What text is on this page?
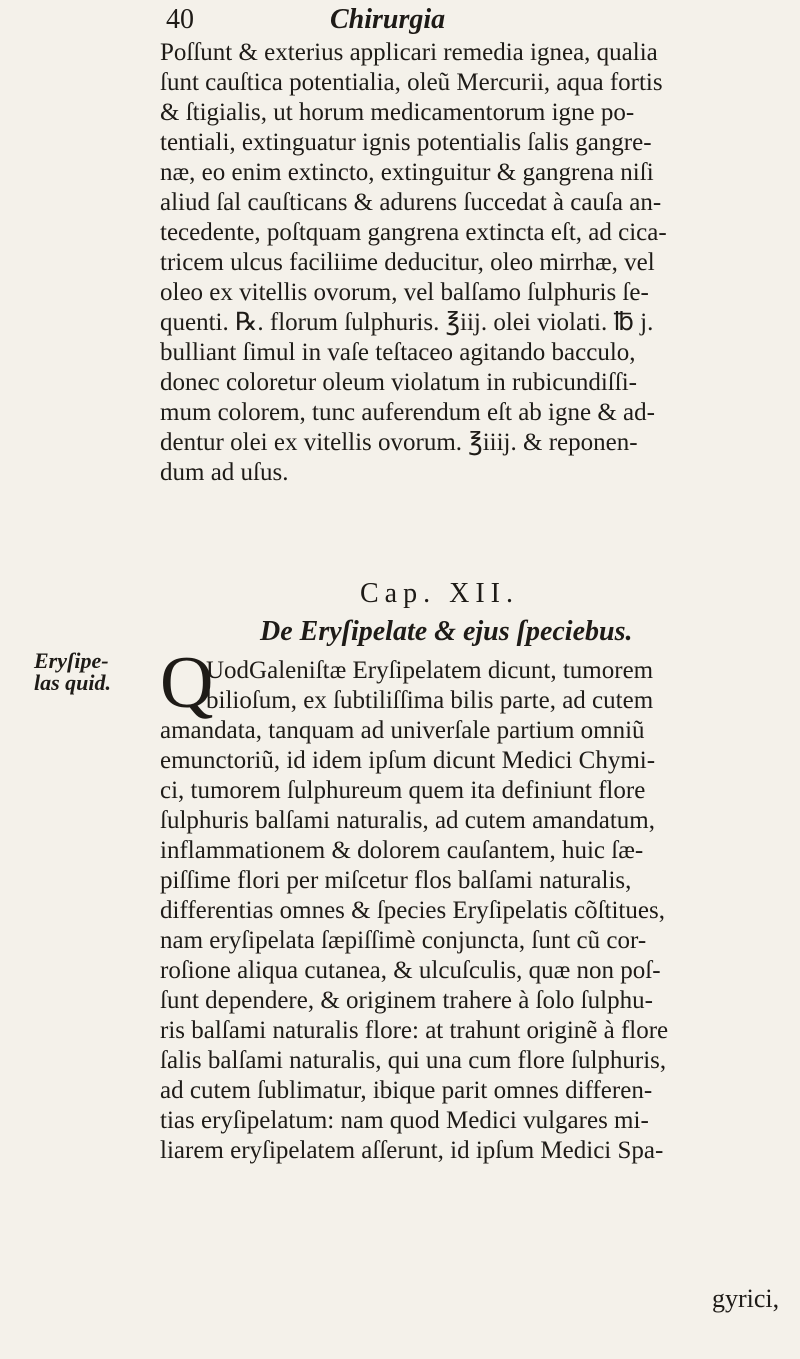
40	Chirurgia
Poſſunt & exterius applicari remedia ignea, qualia
ſunt cauſtica potentialia, oleũ Mercurii, aqua fortis
& ſtigialis, ut horum medicamentorum igne po-
tentiali, extinguatur ignis potentialis ſalis gangre-
næ, eo enim extincto, extinguitur & gangrena niſi
aliud ſal cauſticans & adurens ſuccedat à cauſa an-
tecedente, poſtquam gangrena extincta eſt, ad cica-
tricem ulcus faciliime deducitur, oleo mirrhæ, vel
oleo ex vitellis ovorum, vel balſamo ſulphuris ſe-
quenti. ℞. florum ſulphuris. ℥iij. olei violati. ℔ j.
bulliant ſimul in vaſe teſtaceo agitando bacculo,
donec coloretur oleum violatum in rubicundiſſi-
mum colorem, tunc auferendum eſt ab igne & ad-
dentur olei ex vitellis ovorum. ℥iiij. & reponen-
dum ad uſus.
Cap. XII.
De Eryſipelate & ejus ſpeciebus.
Eryſipe-
las quid. Q
UodGaleniſtæ Eryſipelatem dicunt, tumorem
bilioſum, ex ſubtiliſſima bilis parte, ad cutem
amandata, tanquam ad univerſale partium omniũ
emunctoriũ, id idem ipſum dicunt Medici Chymi-
ci, tumorem ſulphureum quem ita definiunt flore
ſulphuris balſami naturalis, ad cutem amandatum,
inflammationem & dolorem cauſantem, huic ſæ-
piſſime flori per miſcetur flos balſami naturalis,
differentias omnes & ſpecies Eryſipelatis cõſtitues,
nam eryſipelata ſæpiſſimè conjuncta, ſunt cũ cor-
roſione aliqua cutanea, & ulcuſculis, quæ non poſ-
ſunt dependere, & originem trahere à ſolo ſulphu-
ris balſami naturalis flore: at trahunt originẽ à flore
ſalis balſami naturalis, qui una cum flore ſulphuris,
ad cutem ſublimatur, ibique parit omnes differen-
tias eryſipelatum: nam quod Medici vulgares mi-
liarem eryſipelatem aſſerunt, id ipſum Medici Spa-
gyrici,
